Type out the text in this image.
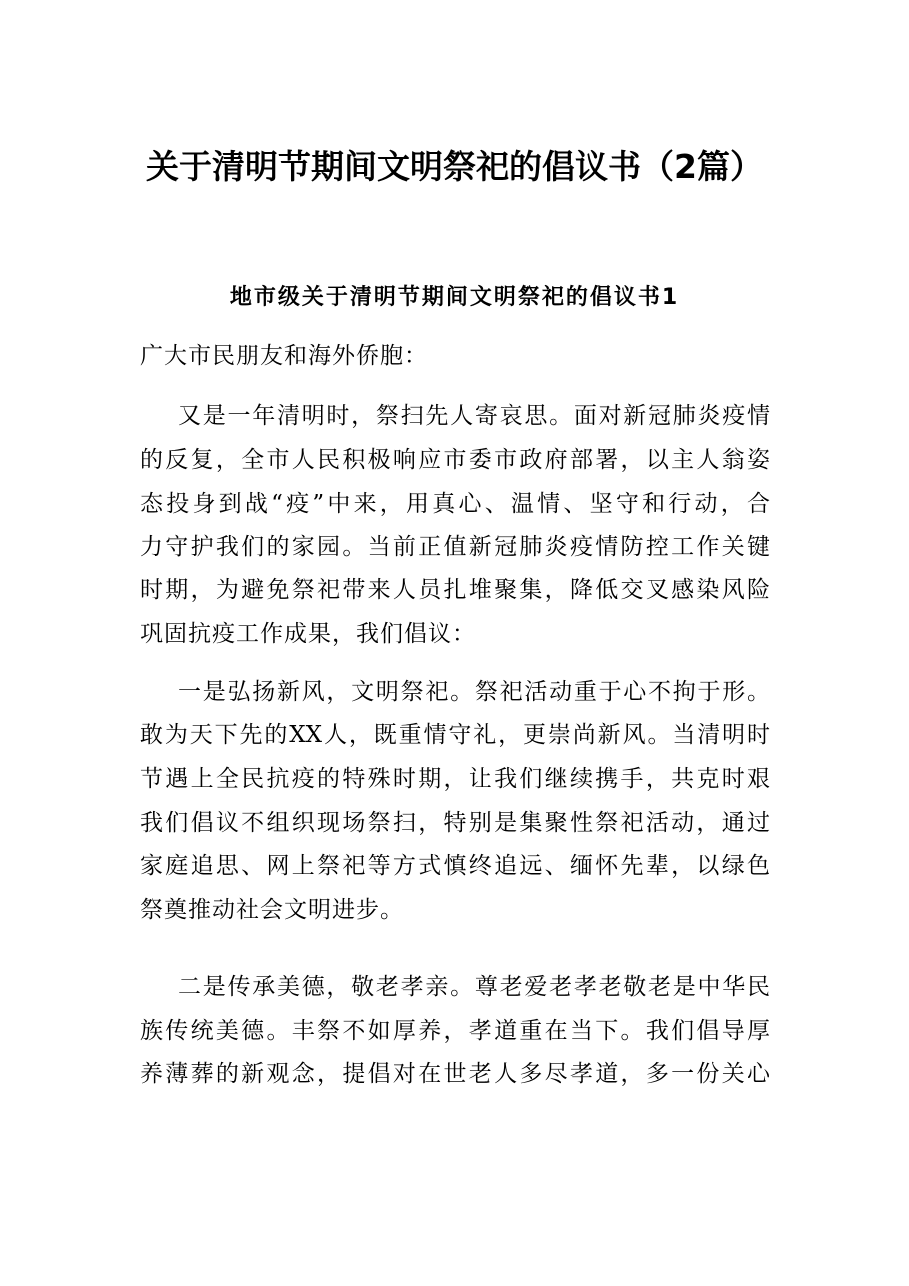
关于清明节期间文明祭祀的倡议书（2篇）
地市级关于清明节期间文明祭祀的倡议书1

广大市民朋友和海外侨胞：

又是一年清明时，祭扫先人寄哀思。面对新冠肺炎疫情

的反复，全市人民积极响应市委市政府部署，以主人翁姿

态投身到战“疫”中来，用真心、温情、坚守和行动，合

力守护我们的家园。当前正值新冠肺炎疫情防控工作关键

时期，为避免祭祀带来人员扎堆聚集，降低交叉感染风险

巩固抗疫工作成果，我们倡议：

一是弘扬新风，文明祭祀。祭祀活动重于心不拘于形。

敢为天下先的XX人，既重情守礼，更崇尚新风。当清明时

节遇上全民抗疫的特殊时期，让我们继续携手，共克时艰

我们倡议不组织现场祭扫，特别是集聚性祭祀活动，通过

家庭追思、网上祭祀等方式慎终追远、缅怀先辈，以绿色

祭奠推动社会文明进步。

二是传承美德，敬老孝亲。尊老爱老孝老敬老是中华民

族传统美德。丰祭不如厚养，孝道重在当下。我们倡导厚

养薄葬的新观念，提倡对在世老人多尽孝道，多一份关心
